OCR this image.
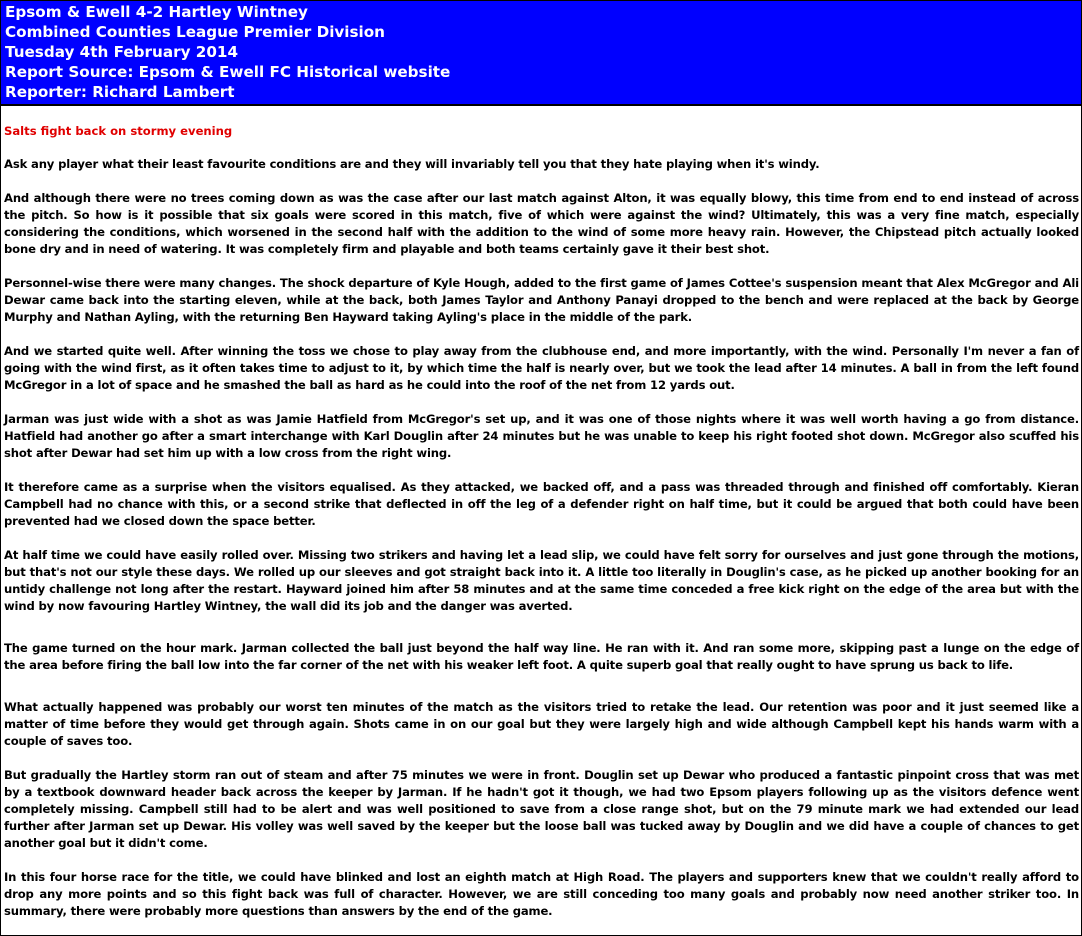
Epsom & Ewell 4-2 Hartley Wintney
Combined Counties League Premier Division
Tuesday 4th February 2014
Report Source: Epsom & Ewell FC Historical website
Reporter: Richard Lambert
Salts fight back on stormy evening

Ask any player what their least favourite conditions are and they will invariably tell you that they hate playing when it's windy.

And although there were no trees coming down as was the case after our last match against Alton, it was equally blowy, this time from end to end instead of across the pitch. So how is it possible that six goals were scored in this match, five of which were against the wind? Ultimately, this was a very fine match, especially considering the conditions, which worsened in the second half with the addition to the wind of some more heavy rain. However, the Chipstead pitch actually looked bone dry and in need of watering. It was completely firm and playable and both teams certainly gave it their best shot.

Personnel-wise there were many changes. The shock departure of Kyle Hough, added to the first game of James Cottee's suspension meant that Alex McGregor and Ali Dewar came back into the starting eleven, while at the back, both James Taylor and Anthony Panayi dropped to the bench and were replaced at the back by George Murphy and Nathan Ayling, with the returning Ben Hayward taking Ayling's place in the middle of the park.

And we started quite well. After winning the toss we chose to play away from the clubhouse end, and more importantly, with the wind. Personally I'm never a fan of going with the wind first, as it often takes time to adjust to it, by which time the half is nearly over, but we took the lead after 14 minutes. A ball in from the left found McGregor in a lot of space and he smashed the ball as hard as he could into the roof of the net from 12 yards out.

Jarman was just wide with a shot as was Jamie Hatfield from McGregor's set up, and it was one of those nights where it was well worth having a go from distance. Hatfield had another go after a smart interchange with Karl Douglin after 24 minutes but he was unable to keep his right footed shot down. McGregor also scuffed his shot after Dewar had set him up with a low cross from the right wing.

It therefore came as a surprise when the visitors equalised. As they attacked, we backed off, and a pass was threaded through and finished off comfortably. Kieran Campbell had no chance with this, or a second strike that deflected in off the leg of a defender right on half time, but it could be argued that both could have been prevented had we closed down the space better.

At half time we could have easily rolled over. Missing two strikers and having let a lead slip, we could have felt sorry for ourselves and just gone through the motions, but that's not our style these days. We rolled up our sleeves and got straight back into it. A little too literally in Douglin's case, as he picked up another booking for an untidy challenge not long after the restart. Hayward joined him after 58 minutes and at the same time conceded a free kick right on the edge of the area but with the wind by now favouring Hartley Wintney, the wall did its job and the danger was averted.

The game turned on the hour mark. Jarman collected the ball just beyond the half way line. He ran with it. And ran some more, skipping past a lunge on the edge of the area before firing the ball low into the far corner of the net with his weaker left foot. A quite superb goal that really ought to have sprung us back to life.

What actually happened was probably our worst ten minutes of the match as the visitors tried to retake the lead. Our retention was poor and it just seemed like a matter of time before they would get through again. Shots came in on our goal but they were largely high and wide although Campbell kept his hands warm with a couple of saves too.

But gradually the Hartley storm ran out of steam and after 75 minutes we were in front. Douglin set up Dewar who produced a fantastic pinpoint cross that was met by a textbook downward header back across the keeper by Jarman. If he hadn't got it though, we had two Epsom players following up as the visitors defence went completely missing. Campbell still had to be alert and was well positioned to save from a close range shot, but on the 79 minute mark we had extended our lead further after Jarman set up Dewar. His volley was well saved by the keeper but the loose ball was tucked away by Douglin and we did have a couple of chances to get another goal but it didn't come.

In this four horse race for the title, we could have blinked and lost an eighth match at High Road. The players and supporters knew that we couldn't really afford to drop any more points and so this fight back was full of character. However, we are still conceding too many goals and probably now need another striker too. In summary, there were probably more questions than answers by the end of the game.
